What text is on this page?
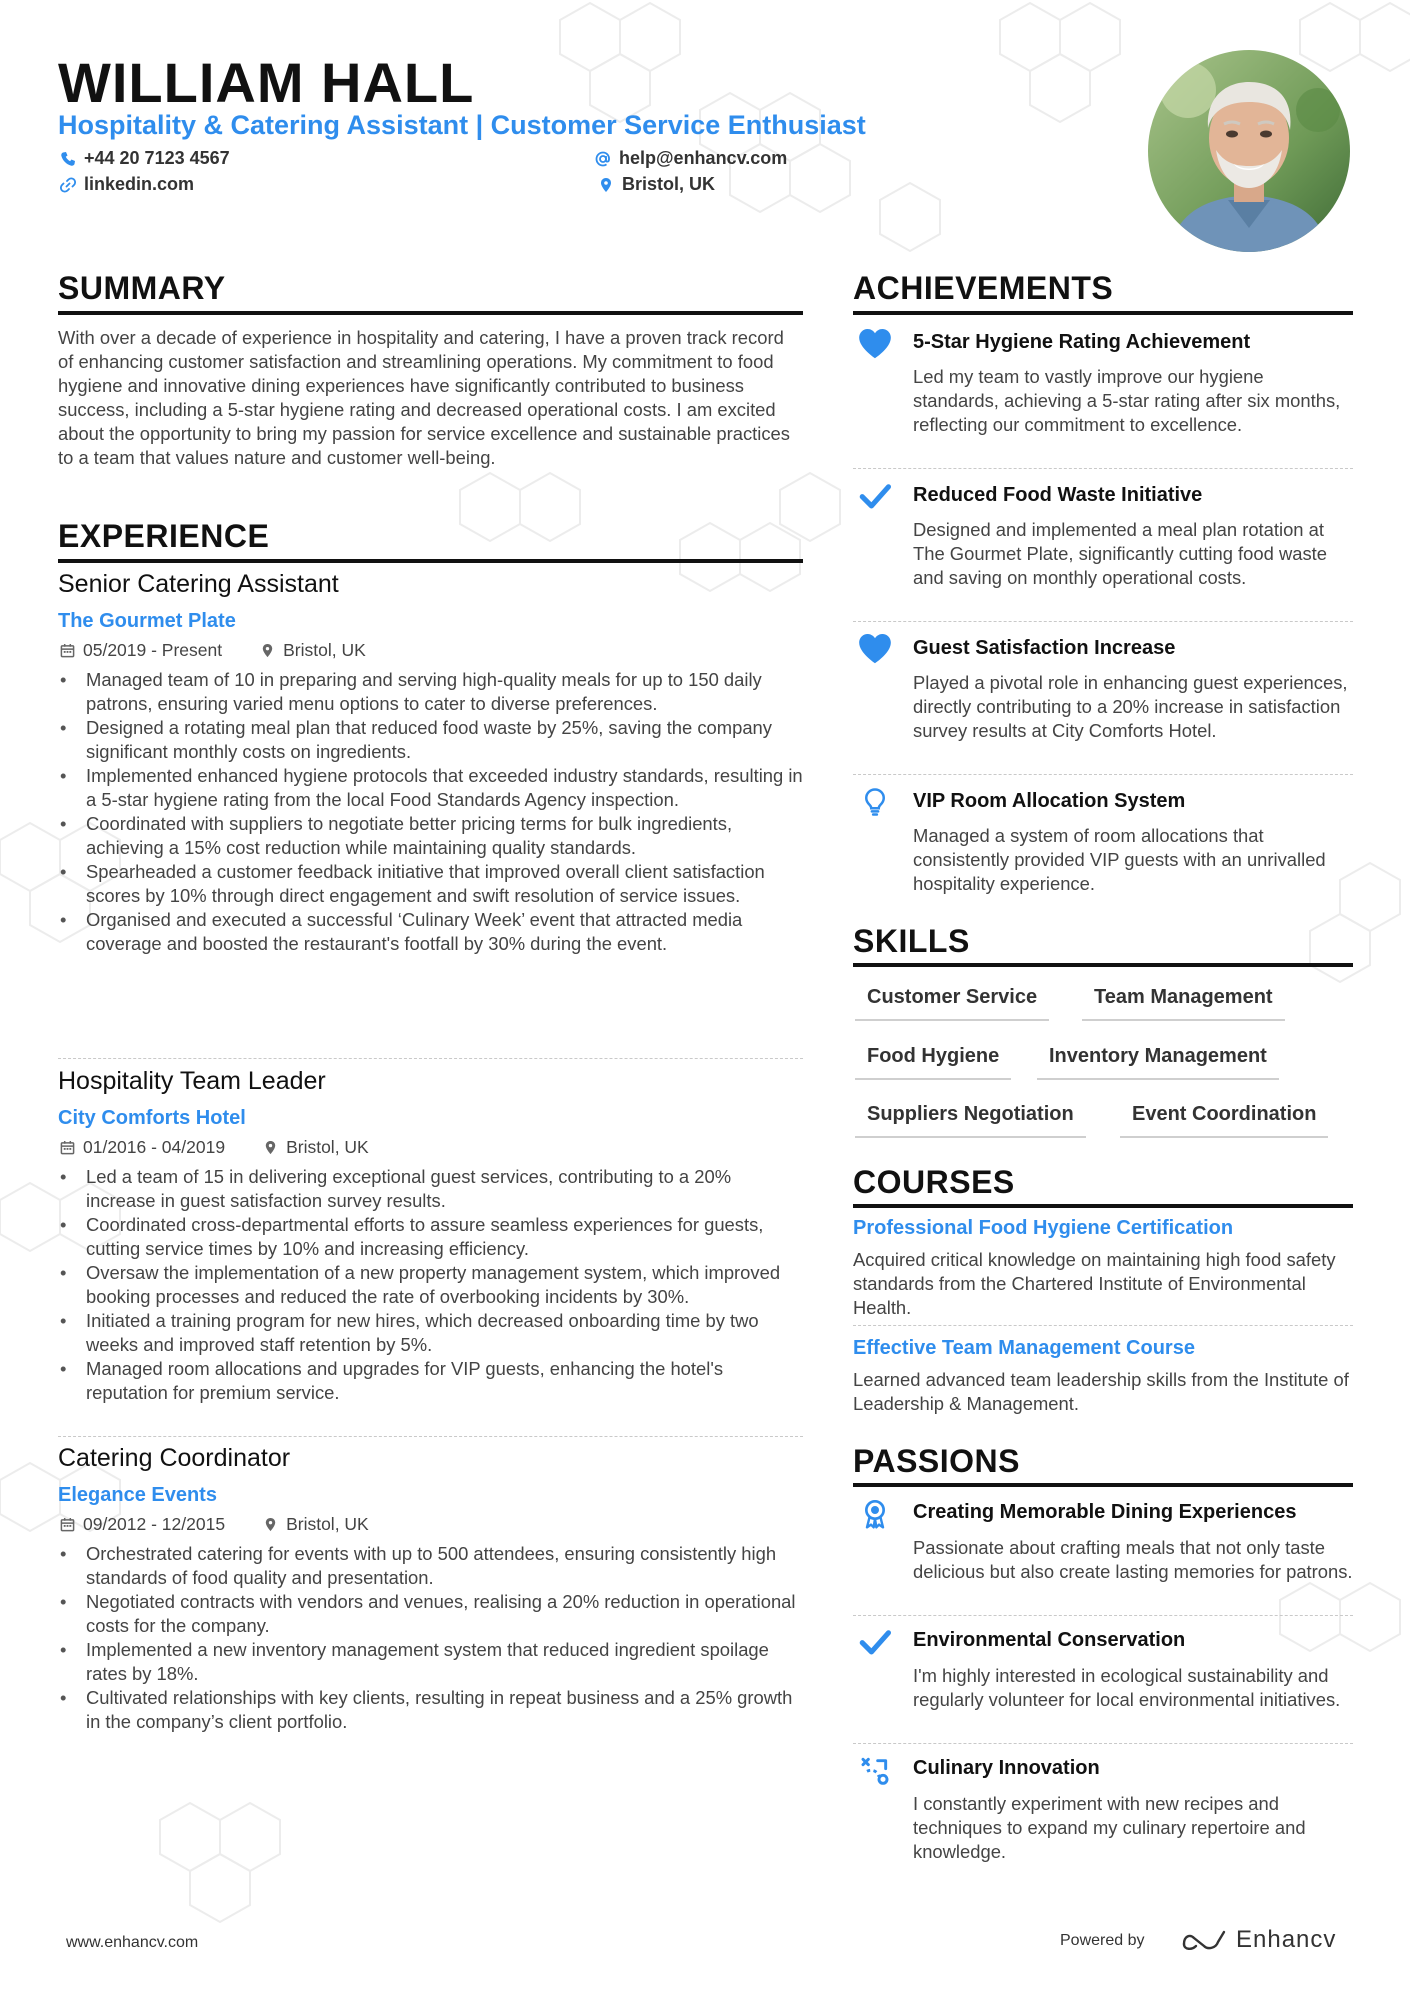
WILLIAM HALL
Hospitality & Catering Assistant | Customer Service Enthusiast
+44 20 7123 4567	help@enhancv.com
linkedin.com	Bristol, UK
SUMMARY
With over a decade of experience in hospitality and catering, I have a proven track record of enhancing customer satisfaction and streamlining operations. My commitment to food hygiene and innovative dining experiences have significantly contributed to business success, including a 5-star hygiene rating and decreased operational costs. I am excited about the opportunity to bring my passion for service excellence and sustainable practices to a team that values nature and customer well-being.
EXPERIENCE
Senior Catering Assistant
The Gourmet Plate
05/2019 - Present	Bristol, UK
• Managed team of 10 in preparing and serving high-quality meals for up to 150 daily patrons, ensuring varied menu options to cater to diverse preferences.
• Designed a rotating meal plan that reduced food waste by 25%, saving the company significant monthly costs on ingredients.
• Implemented enhanced hygiene protocols that exceeded industry standards, resulting in a 5-star hygiene rating from the local Food Standards Agency inspection.
• Coordinated with suppliers to negotiate better pricing terms for bulk ingredients, achieving a 15% cost reduction while maintaining quality standards.
• Spearheaded a customer feedback initiative that improved overall client satisfaction scores by 10% through direct engagement and swift resolution of service issues.
• Organised and executed a successful ‘Culinary Week’ event that attracted media coverage and boosted the restaurant's footfall by 30% during the event.
Hospitality Team Leader
City Comforts Hotel
01/2016 - 04/2019	Bristol, UK
• Led a team of 15 in delivering exceptional guest services, contributing to a 20% increase in guest satisfaction survey results.
• Coordinated cross-departmental efforts to assure seamless experiences for guests, cutting service times by 10% and increasing efficiency.
• Oversaw the implementation of a new property management system, which improved booking processes and reduced the rate of overbooking incidents by 30%.
• Initiated a training program for new hires, which decreased onboarding time by two weeks and improved staff retention by 5%.
• Managed room allocations and upgrades for VIP guests, enhancing the hotel's reputation for premium service.
Catering Coordinator
Elegance Events
09/2012 - 12/2015	Bristol, UK
• Orchestrated catering for events with up to 500 attendees, ensuring consistently high standards of food quality and presentation.
• Negotiated contracts with vendors and venues, realising a 20% reduction in operational costs for the company.
• Implemented a new inventory management system that reduced ingredient spoilage rates by 18%.
• Cultivated relationships with key clients, resulting in repeat business and a 25% growth in the company’s client portfolio.
ACHIEVEMENTS
5-Star Hygiene Rating Achievement
Led my team to vastly improve our hygiene standards, achieving a 5-star rating after six months, reflecting our commitment to excellence.
Reduced Food Waste Initiative
Designed and implemented a meal plan rotation at The Gourmet Plate, significantly cutting food waste and saving on monthly operational costs.
Guest Satisfaction Increase
Played a pivotal role in enhancing guest experiences, directly contributing to a 20% increase in satisfaction survey results at City Comforts Hotel.
VIP Room Allocation System
Managed a system of room allocations that consistently provided VIP guests with an unrivalled hospitality experience.
SKILLS
Customer Service	Team Management
Food Hygiene	Inventory Management
Suppliers Negotiation	Event Coordination
COURSES
Professional Food Hygiene Certification
Acquired critical knowledge on maintaining high food safety standards from the Chartered Institute of Environmental Health.
Effective Team Management Course
Learned advanced team leadership skills from the Institute of Leadership & Management.
PASSIONS
Creating Memorable Dining Experiences
Passionate about crafting meals that not only taste delicious but also create lasting memories for patrons.
Environmental Conservation
I'm highly interested in ecological sustainability and regularly volunteer for local environmental initiatives.
Culinary Innovation
I constantly experiment with new recipes and techniques to expand my culinary repertoire and knowledge.
www.enhancv.com	Powered by	Enhancv
